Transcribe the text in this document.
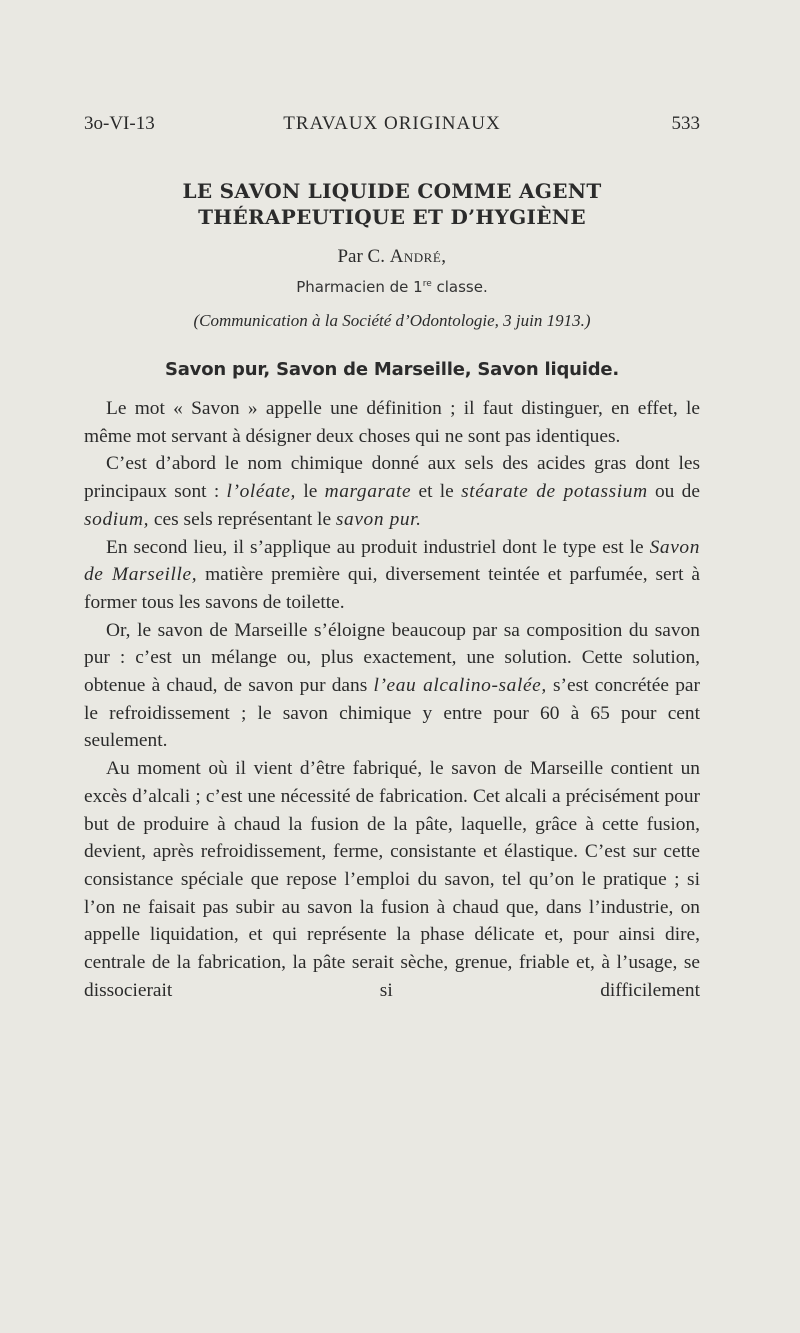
3o-VI-13	TRAVAUX ORIGINAUX	533
LE SAVON LIQUIDE COMME AGENT
THÉRAPEUTIQUE ET D’HYGIÈNE
Par C. André,
Pharmacien de 1re classe.
(Communication à la Société d’Odontologie, 3 juin 1913.)
Savon pur, Savon de Marseille, Savon liquide.

Le mot « Savon » appelle une définition ; il faut distinguer, en effet, le même mot servant à désigner deux choses qui ne sont pas identiques.

C’est d’abord le nom chimique donné aux sels des acides gras dont les principaux sont : l’oléate, le margarate et le stéarate de potassium ou de sodium, ces sels représentant le savon pur.

En second lieu, il s’applique au produit industriel dont le type est le Savon de Marseille, matière première qui, diversement teintée et parfumée, sert à former tous les savons de toilette.

Or, le savon de Marseille s’éloigne beaucoup par sa composition du savon pur : c’est un mélange ou, plus exactement, une solution. Cette solution, obtenue à chaud, de savon pur dans l’eau alcalino-salée, s’est concrétée par le refroidissement ; le savon chimique y entre pour 60 à 65 pour cent seulement.

Au moment où il vient d’être fabriqué, le savon de Marseille contient un excès d’alcali ; c’est une nécessité de fabrication. Cet alcali a précisément pour but de produire à chaud la fusion de la pâte, laquelle, grâce à cette fusion, devient, après refroidissement, ferme, consistante et élastique. C’est sur cette consistance spéciale que repose l’emploi du savon, tel qu’on le pratique ; si l’on ne faisait pas subir au savon la fusion à chaud que, dans l’industrie, on appelle liquidation, et qui représente la phase délicate et, pour ainsi dire, centrale de la fabrication, la pâte serait sèche, grenue, friable et, à l’usage, se dissocierait si difficilement
